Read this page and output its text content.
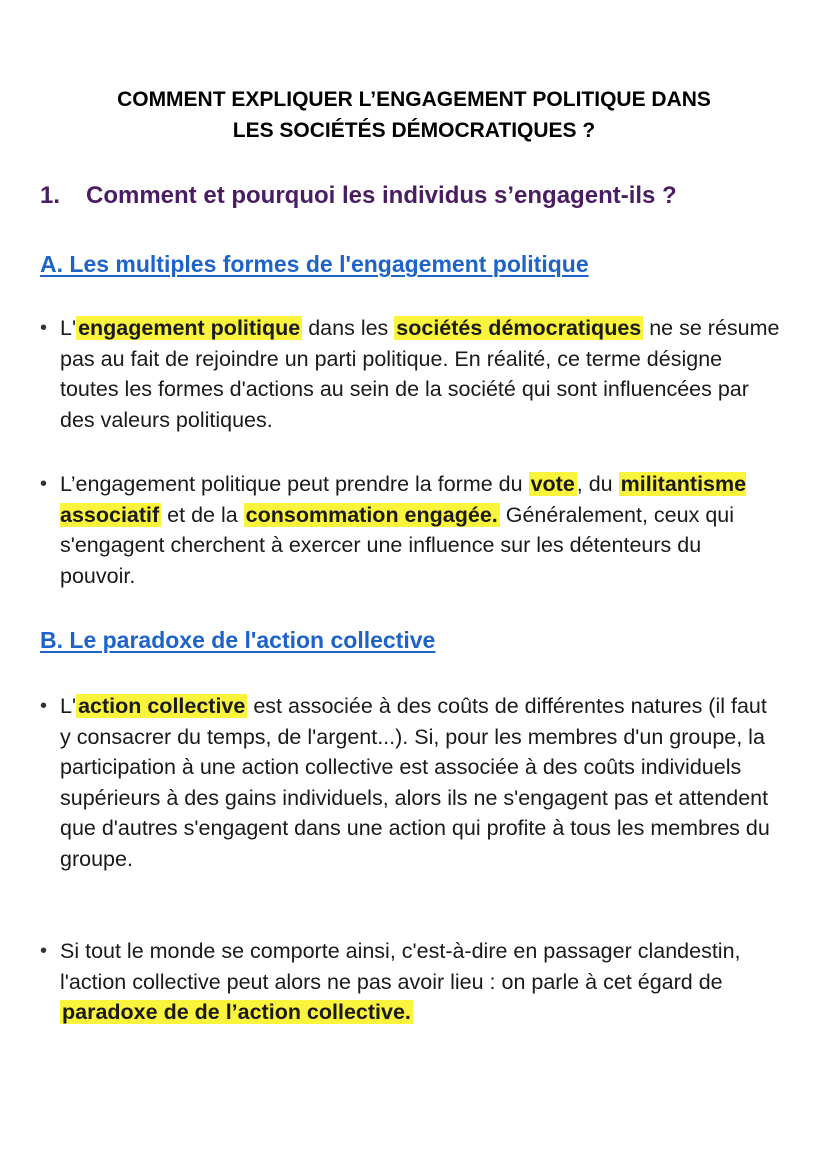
COMMENT EXPLIQUER L’ENGAGEMENT POLITIQUE DANS
LES SOCIÉTÉS DÉMOCRATIQUES ?
1. Comment et pourquoi les individus s’engagent-ils ?
A. Les multiples formes de l'engagement politique
• L'engagement politique dans les sociétés démocratiques ne se résume pas au fait de rejoindre un parti politique. En réalité, ce terme désigne toutes les formes d'actions au sein de la société qui sont influencées par des valeurs politiques.
• L’engagement politique peut prendre la forme du vote, du militantisme associatif et de la consommation engagée. Généralement, ceux qui s'engagent cherchent à exercer une influence sur les détenteurs du pouvoir.
B. Le paradoxe de l'action collective
• L'action collective est associée à des coûts de différentes natures (il faut y consacrer du temps, de l'argent...). Si, pour les membres d'un groupe, la participation à une action collective est associée à des coûts individuels supérieurs à des gains individuels, alors ils ne s'engagent pas et attendent que d'autres s'engagent dans une action qui profite à tous les membres du groupe.
• Si tout le monde se comporte ainsi, c'est-à-dire en passager clandestin, l'action collective peut alors ne pas avoir lieu : on parle à cet égard de paradoxe de de l’action collective.
